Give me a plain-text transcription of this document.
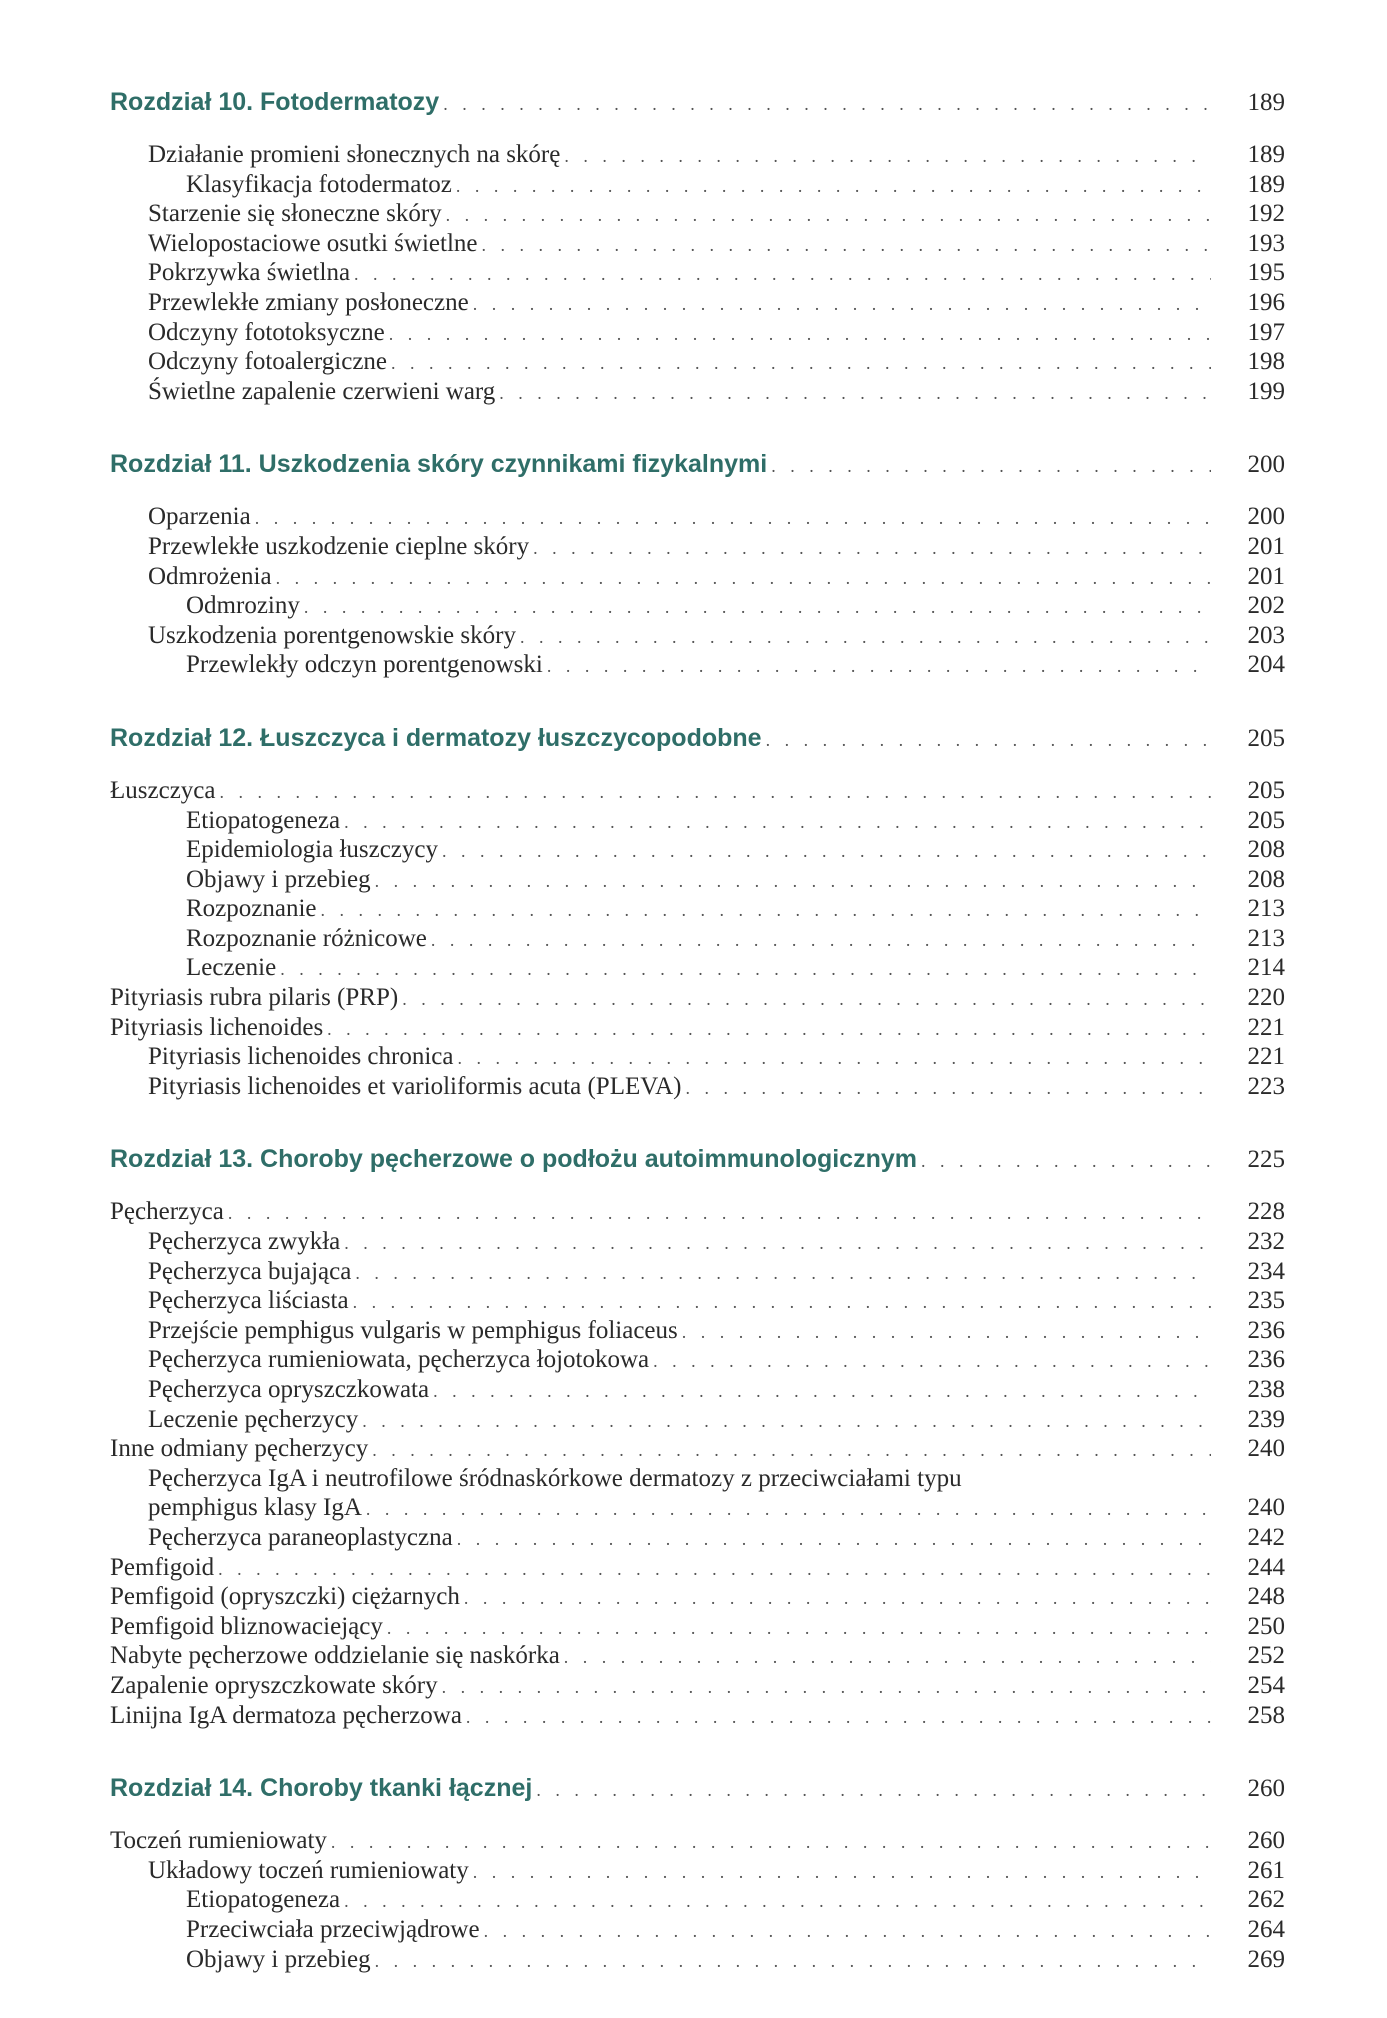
Rozdział 10. Fotodermatozy . . .	189
Działanie promieni słonecznych na skórę . . .	189
Klasyfikacja fotodermatoz . . .	189
Starzenie się słoneczne skóry . . .	192
Wielopostaciowe osutki świetlne . . .	193
Pokrzywka świetlna . . .	195
Przewlekłe zmiany posłoneczne . . .	196
Odczyny fototoksyczne . . .	197
Odczyny fotoalergiczne . . .	198
Świetlne zapalenie czerwieni warg . . .	199
Rozdział 11. Uszkodzenia skóry czynnikami fizykalnymi . . .	200
Oparzenia . . .	200
Przewlekłe uszkodzenie cieplne skóry . . .	201
Odmrożenia . . .	201
Odmroziny . . .	202
Uszkodzenia porentgenowskie skóry . . .	203
Przewlekły odczyn porentgenowski . . .	204
Rozdział 12. Łuszczyca i dermatozy łuszczycopodobne . . .	205
Łuszczyca . . .	205
Etiopatogeneza . . .	205
Epidemiologia łuszczycy . . .	208
Objawy i przebieg . . .	208
Rozpoznanie . . .	213
Rozpoznanie różnicowe . . .	213
Leczenie . . .	214
Pityriasis rubra pilaris (PRP) . . .	220
Pityriasis lichenoides . . .	221
Pityriasis lichenoides chronica . . .	221
Pityriasis lichenoides et varioliformis acuta (PLEVA) . . .	223
Rozdział 13. Choroby pęcherzowe o podłożu autoimmunologicznym . . .	225
Pęcherzyca . . .	228
Pęcherzyca zwykła . . .	232
Pęcherzyca bujająca . . .	234
Pęcherzyca liściasta . . .	235
Przejście pemphigus vulgaris w pemphigus foliaceus . . .	236
Pęcherzyca rumieniowata, pęcherzyca łojotokowa . . .	236
Pęcherzyca opryszczkowata . . .	238
Leczenie pęcherzycy . . .	239
Inne odmiany pęcherzycy . . .	240
Pęcherzyca IgA i neutrofilowe śródnaskórkowe dermatozy z przeciwciałami typu
pemphigus klasy IgA . . .	240
Pęcherzyca paraneoplastyczna . . .	242
Pemfigoid . . .	244
Pemfigoid (opryszczki) ciężarnych . . .	248
Pemfigoid bliznowaciejący . . .	250
Nabyte pęcherzowe oddzielanie się naskórka . . .	252
Zapalenie opryszczkowate skóry . . .	254
Linijna IgA dermatoza pęcherzowa . . .	258
Rozdział 14. Choroby tkanki łącznej . . .	260
Toczeń rumieniowaty . . .	260
Układowy toczeń rumieniowaty . . .	261
Etiopatogeneza . . .	262
Przeciwciała przeciwjądrowe . . .	264
Objawy i przebieg . . .	269
